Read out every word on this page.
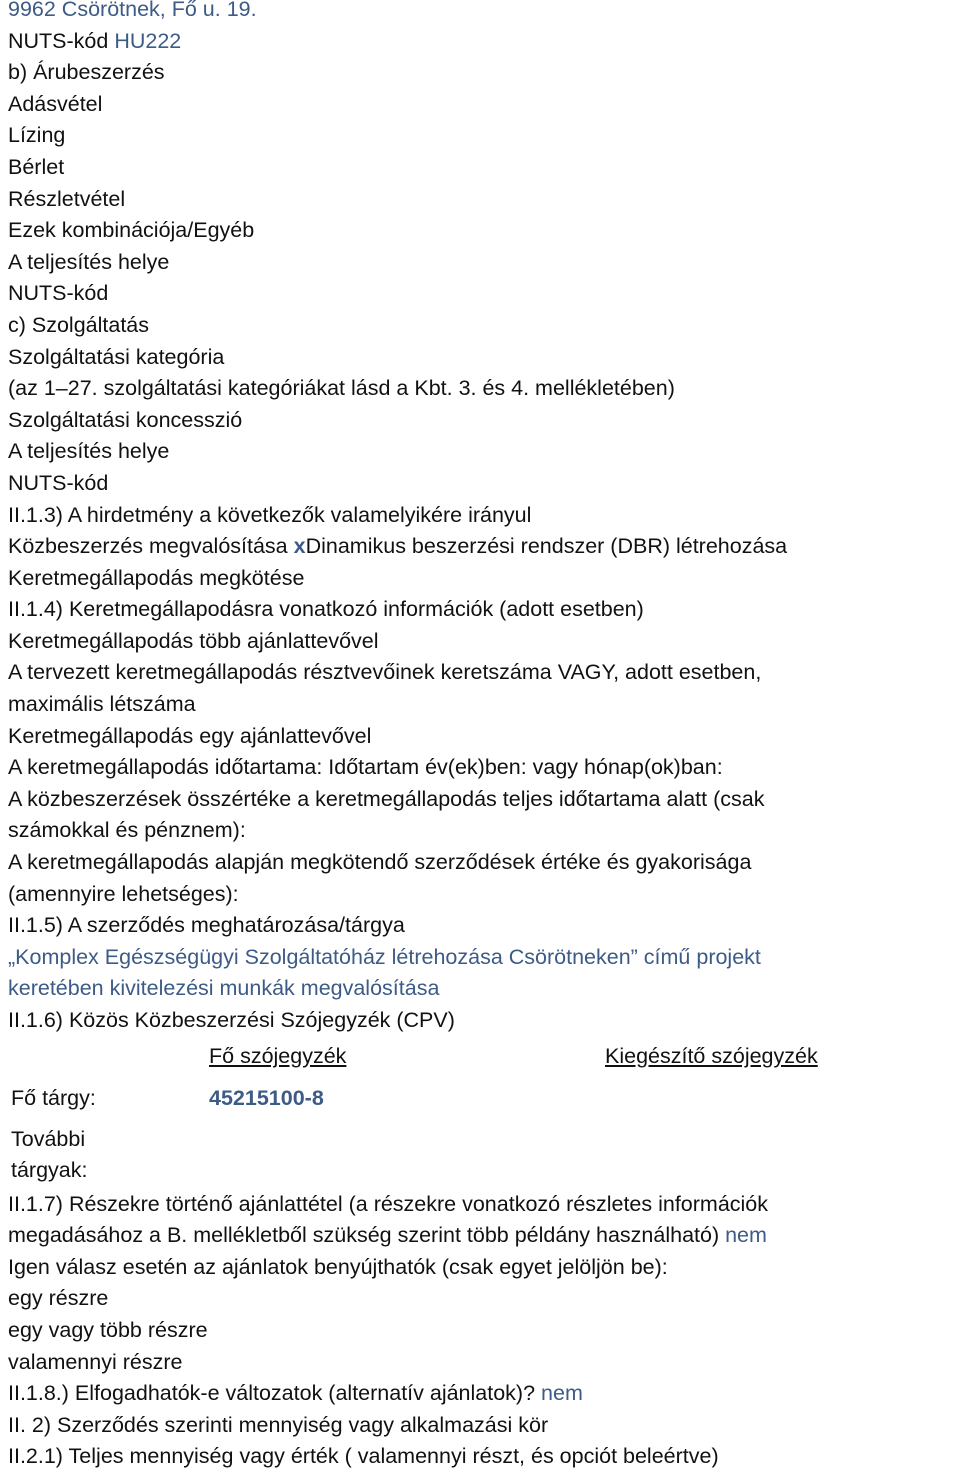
9962 Csörötnek, Fő u. 19.
NUTS-kód HU222
b) Árubeszerzés
Adásvétel
Lízing
Bérlet
Részletvétel
Ezek kombinációja/Egyéb
A teljesítés helye
NUTS-kód
c) Szolgáltatás
Szolgáltatási kategória
(az 1–27. szolgáltatási kategóriákat lásd a Kbt. 3. és 4. mellékletében)
Szolgáltatási koncesszió
A teljesítés helye
NUTS-kód
II.1.3) A hirdetmény a következők valamelyikére irányul
Közbeszerzés megvalósítása xDinamikus beszerzési rendszer (DBR) létrehozása
Keretmegállapodás megkötése
II.1.4) Keretmegállapodásra vonatkozó információk (adott esetben)
Keretmegállapodás több ajánlattevővel
A tervezett keretmegállapodás résztvevőinek keretszáma VAGY, adott esetben,
maximális létszáma
Keretmegállapodás egy ajánlattevővel
A keretmegállapodás időtartama: Időtartam év(ek)ben: vagy hónap(ok)ban:
A közbeszerzések összértéke a keretmegállapodás teljes időtartama alatt (csak
számokkal és pénznem):
A keretmegállapodás alapján megkötendő szerződések értéke és gyakorisága
(amennyire lehetséges):
II.1.5) A szerződés meghatározása/tárgya
„Komplex Egészségügyi Szolgáltatóház létrehozása Csörötneken” című projekt
keretében kivitelezési munkák megvalósítása
II.1.6) Közös Közbeszerzési Szójegyzék (CPV)
Fő szójegyzék	Kiegészítő szójegyzék
Fő tárgy:	45215100-8
További
tárgyak:
II.1.7) Részekre történő ajánlattétel (a részekre vonatkozó részletes információk
megadásához a B. mellékletből szükség szerint több példány használható) nem
Igen válasz esetén az ajánlatok benyújthatók (csak egyet jelöljön be):
egy részre
egy vagy több részre
valamennyi részre
II.1.8.) Elfogadhatók-e változatok (alternatív ajánlatok)? nem
II. 2) Szerződés szerinti mennyiség vagy alkalmazási kör
II.2.1) Teljes mennyiség vagy érték ( valamennyi részt, és opciót beleértve)
